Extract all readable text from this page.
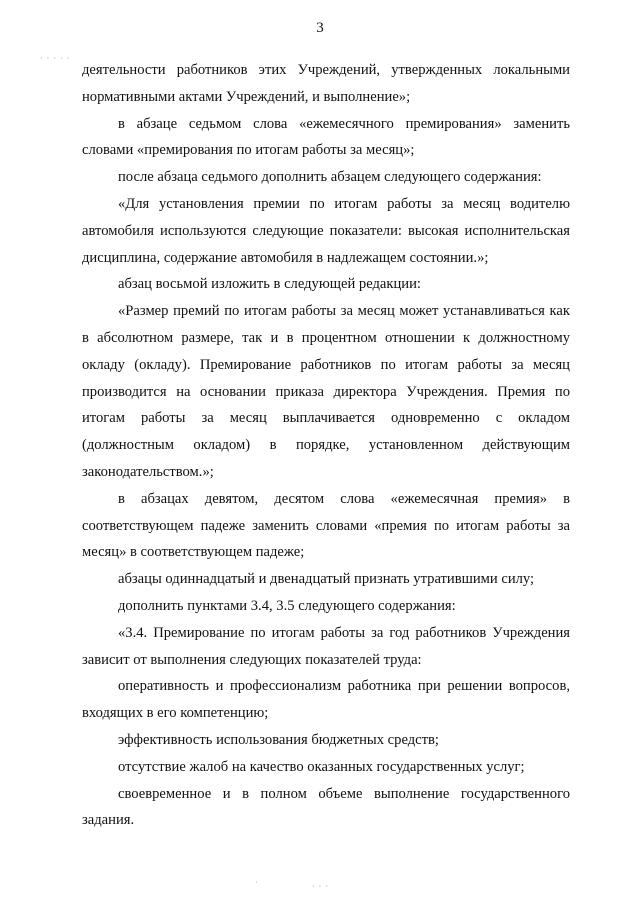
3
· · · · ·
·	· · ·

деятельности работников этих Учреждений, утвержденных локальными нормативными актами Учреждений, и выполнение»;

в абзаце седьмом слова «ежемесячного премирования» заменить словами «премирования по итогам работы за месяц»;

после абзаца седьмого дополнить абзацем следующего содержания:

«Для установления премии по итогам работы за месяц водителю автомобиля используются следующие показатели: высокая исполнительская дисциплина, содержание автомобиля в надлежащем состоянии.»;

абзац восьмой изложить в следующей редакции:

«Размер премий по итогам работы за месяц может устанавливаться как в абсолютном размере, так и в процентном отношении к должностному окладу (окладу). Премирование работников по итогам работы за месяц производится на основании приказа директора Учреждения. Премия по итогам работы за месяц выплачивается одновременно с окладом (должностным окладом) в порядке, установленном действующим законодательством.»;

в абзацах девятом, десятом слова «ежемесячная премия» в соответствующем падеже заменить словами «премия по итогам работы за месяц» в соответствующем падеже;

абзацы одиннадцатый и двенадцатый признать утратившими силу;

дополнить пунктами 3.4, 3.5 следующего содержания:

«3.4. Премирование по итогам работы за год работников Учреждения зависит от выполнения следующих показателей труда:

оперативность и профессионализм работника при решении вопросов, входящих в его компетенцию;

эффективность использования бюджетных средств;

отсутствие жалоб на качество оказанных государственных услуг;

своевременное и в полном объеме выполнение государственного задания.
